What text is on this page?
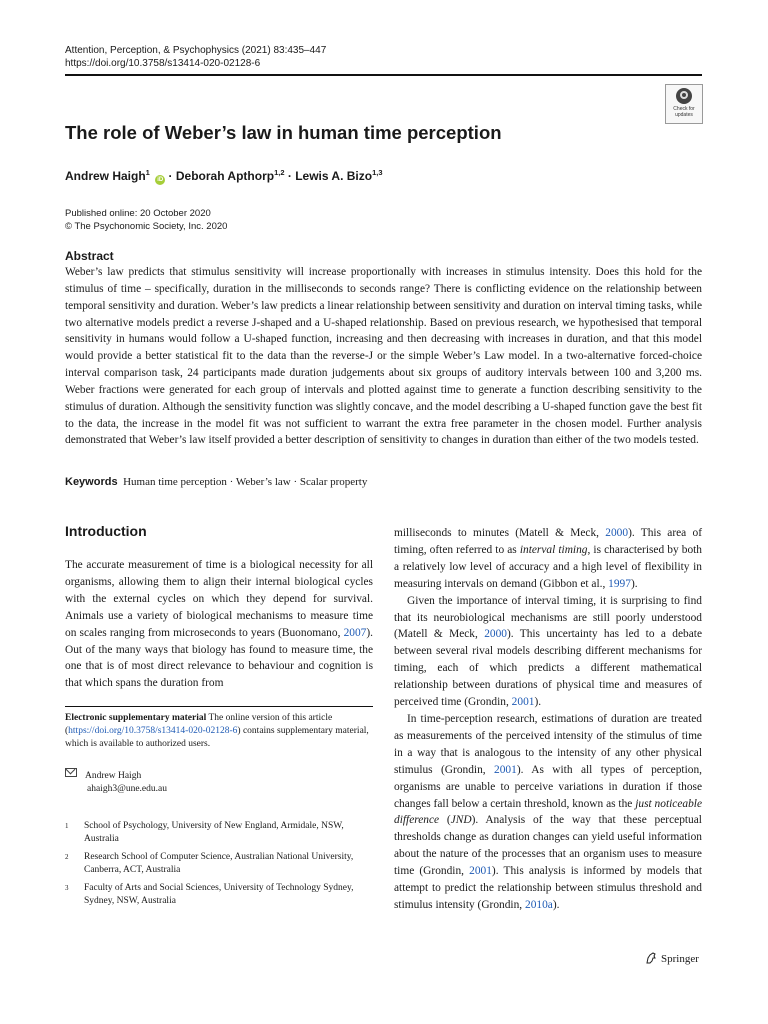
Attention, Perception, & Psychophysics (2021) 83:435–447
https://doi.org/10.3758/s13414-020-02128-6
Check for updates
The role of Weber’s law in human time perception
Andrew Haigh$^1$ iD · Deborah Apthorp$^{1,2}$ · Lewis A. Bizo$^{1,3}$
Published online: 20 October 2020
© The Psychonomic Society, Inc. 2020
Abstract
Weber’s law predicts that stimulus sensitivity will increase proportionally with increases in stimulus intensity. Does this hold for the stimulus of time – specifically, duration in the milliseconds to seconds range? There is conflicting evidence on the relationship between temporal sensitivity and duration. Weber’s law predicts a linear relationship between sensitivity and duration on interval timing tasks, while two alternative models predict a reverse J-shaped and a U-shaped relationship. Based on previous research, we hypothesised that temporal sensitivity in humans would follow a U-shaped function, increasing and then decreasing with increases in duration, and that this model would provide a better statistical fit to the data than the reverse-J or the simple Weber’s Law model. In a two-alternative forced-choice interval comparison task, 24 participants made duration judgements about six groups of auditory intervals between 100 and 3,200 ms. Weber fractions were generated for each group of intervals and plotted against time to generate a function describing sensitivity to the stimulus of duration. Although the sensitivity function was slightly concave, and the model describing a U-shaped function gave the best fit to the data, the increase in the model fit was not sufficient to warrant the extra free parameter in the chosen model. Further analysis demonstrated that Weber’s law itself provided a better description of sensitivity to changes in duration than either of the two models tested.
Keywords Human time perception · Weber’s law · Scalar property
Introduction

The accurate measurement of time is a biological necessity for all organisms, allowing them to align their internal biological cycles with the external cycles on which they depend for survival. Animals use a variety of biological mechanisms to measure time on scales ranging from microseconds to years (Buonomano, 2007). Out of the many ways that biology has found to measure time, the one that is of most direct relevance to behaviour and cognition is that which spans the duration from

milliseconds to minutes (Matell & Meck, 2000). This area of timing, often referred to as interval timing, is characterised by both a relatively low level of accuracy and a high level of flexibility in measuring intervals on demand (Gibbon et al., 1997).

Given the importance of interval timing, it is surprising to find that its neurobiological mechanisms are still poorly understood (Matell & Meck, 2000). This uncertainty has led to a debate between several rival models describing different mechanisms for timing, each of which predicts a different mathematical relationship between durations of physical time and measures of perceived time (Grondin, 2001).

In time-perception research, estimations of duration are treated as measurements of the perceived intensity of the stimulus of time in a way that is analogous to the intensity of any other physical stimulus (Grondin, 2001). As with all types of perception, organisms are unable to perceive variations in duration if those changes fall below a certain threshold, known as the just noticeable difference (JND). Analysis of the way that these perceptual thresholds change as duration changes can yield useful information about the nature of the processes that an organism uses to measure time (Grondin, 2001). This analysis is informed by models that attempt to predict the relationship between stimulus threshold and stimulus intensity (Grondin, 2010a).

Electronic supplementary material The online version of this article (https://doi.org/10.3758/s13414-020-02128-6) contains supplementary material, which is available to authorized users.
Andrew Haigh
ahaigh3@une.edu.au
1 School of Psychology, University of New England, Armidale, NSW, Australia
2 Research School of Computer Science, Australian National University, Canberra, ACT, Australia
3 Faculty of Arts and Social Sciences, University of Technology Sydney, Sydney, NSW, Australia
Springer
